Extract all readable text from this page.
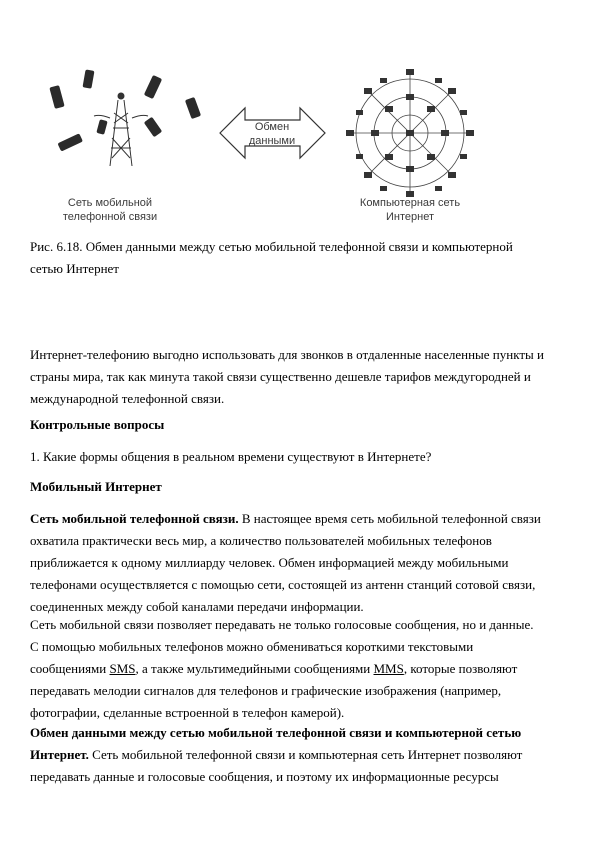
Обмен
данными
Сеть мобильной
телефонной связи
Компьютерная сеть
Интернет
Рис. 6.18. Обмен данными между сетью мобильной телефонной связи и компьютерной
сетью Интернет
Интернет-телефонию выгодно использовать для звонков в отдаленные населенные пункты и
страны мира, так как минута такой связи существенно дешевле тарифов междугородней и
международной телефонной связи.
Контрольные вопросы
1. Какие формы общения в реальном времени существуют в Интернете?
Мобильный Интернет
Сеть мобильной телефонной связи. В настоящее время сеть мобильной телефонной связи
охватила практически весь мир, а количество пользователей мобильных телефонов
приближается к одному миллиарду человек. Обмен информацией между мобильными
телефонами осуществляется с помощью сети, состоящей из антенн станций сотовой связи,
соединенных между собой каналами передачи информации.
Сеть мобильной связи позволяет передавать не только голосовые сообщения, но и данные.
С помощью мобильных телефонов можно обмениваться короткими текстовыми
сообщениями SMS, а также мультимедийными сообщениями MMS, которые позволяют
передавать мелодии сигналов для телефонов и графические изображения (например,
фотографии, сделанные встроенной в телефон камерой).
Обмен данными между сетью мобильной телефонной связи и компьютерной сетью
Интернет. Сеть мобильной телефонной связи и компьютерная сеть Интернет позволяют
передавать данные и голосовые сообщения, и поэтому их информационные ресурсы
